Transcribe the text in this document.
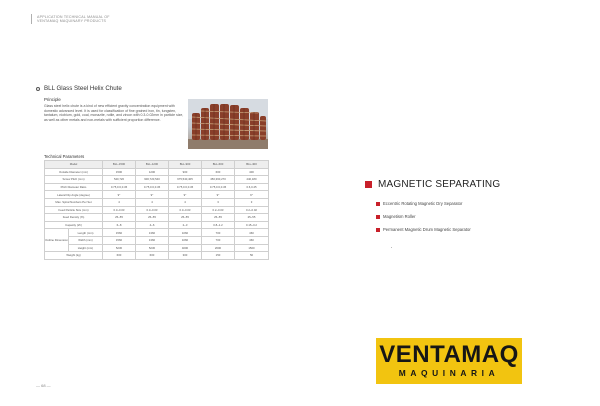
APPLICATION TECHNICAL MANUAL OF
VENTAMAQ MAQUINARY PRODUCTS
BLL Glass Steel Helix Chute
Principle
Glass steel helix chute is a kind of new efficient gravity concentration equipment with domestic advanced level. It is used for classification of fine grained iron, tin, tungsten, tantalum, niobium, gold, coal, monazite, rutile, and zircon with 0.3-0.02mm in particle size, as well as other metals and non-metals with sufficient proportion difference.
Technical Parameters
Model		BLL-1500	BLL-1200	BLL-900	BLL-600	BLL-400
Outside Diameter (mm)		1500	1200	900	600	400
Screw Pitch (mm)		540,720	900,720,540	675,540,405	450,360,270	240,180
Pitch Diameter Ratio		0.75,0.6,0.45	0.75,0.6,0.45	0.75,0.6,0.45	0.75,0.6,0.45	0.6,0.45
Lateral Dip Angle (degree)		9°	9°	9°	9°	9°
Max. Spiral Numbers Per Set		4	4	4	3	3
Feed Particle Size (mm)		0.3~0.03	0.3~0.03	0.3~0.03	0.2~0.03	0.2~0.02
Feed Density (%)		25~55	25~55	25~55	25~55	25~55
Capacity (t/h)		6~8	4~6	2~3	0.8~1.2	0.15~0.2
Outline Dimension	Length (mm)	1560	1360	1060	700	460
	Width (mm)	1560	1360	1060	700	460
	Height (mm)	5230	5230	4000	2600	1500
Weight (kg)		600	600	300	150	50
— 68 —
MAGNETIC SEPARATING
Eccentric Rotating Magnetic Dry Separator
Magnetism Roller
Permanent Magnetic Drum Magnetic Separator
VENTAMAQ
MAQUINARIA
